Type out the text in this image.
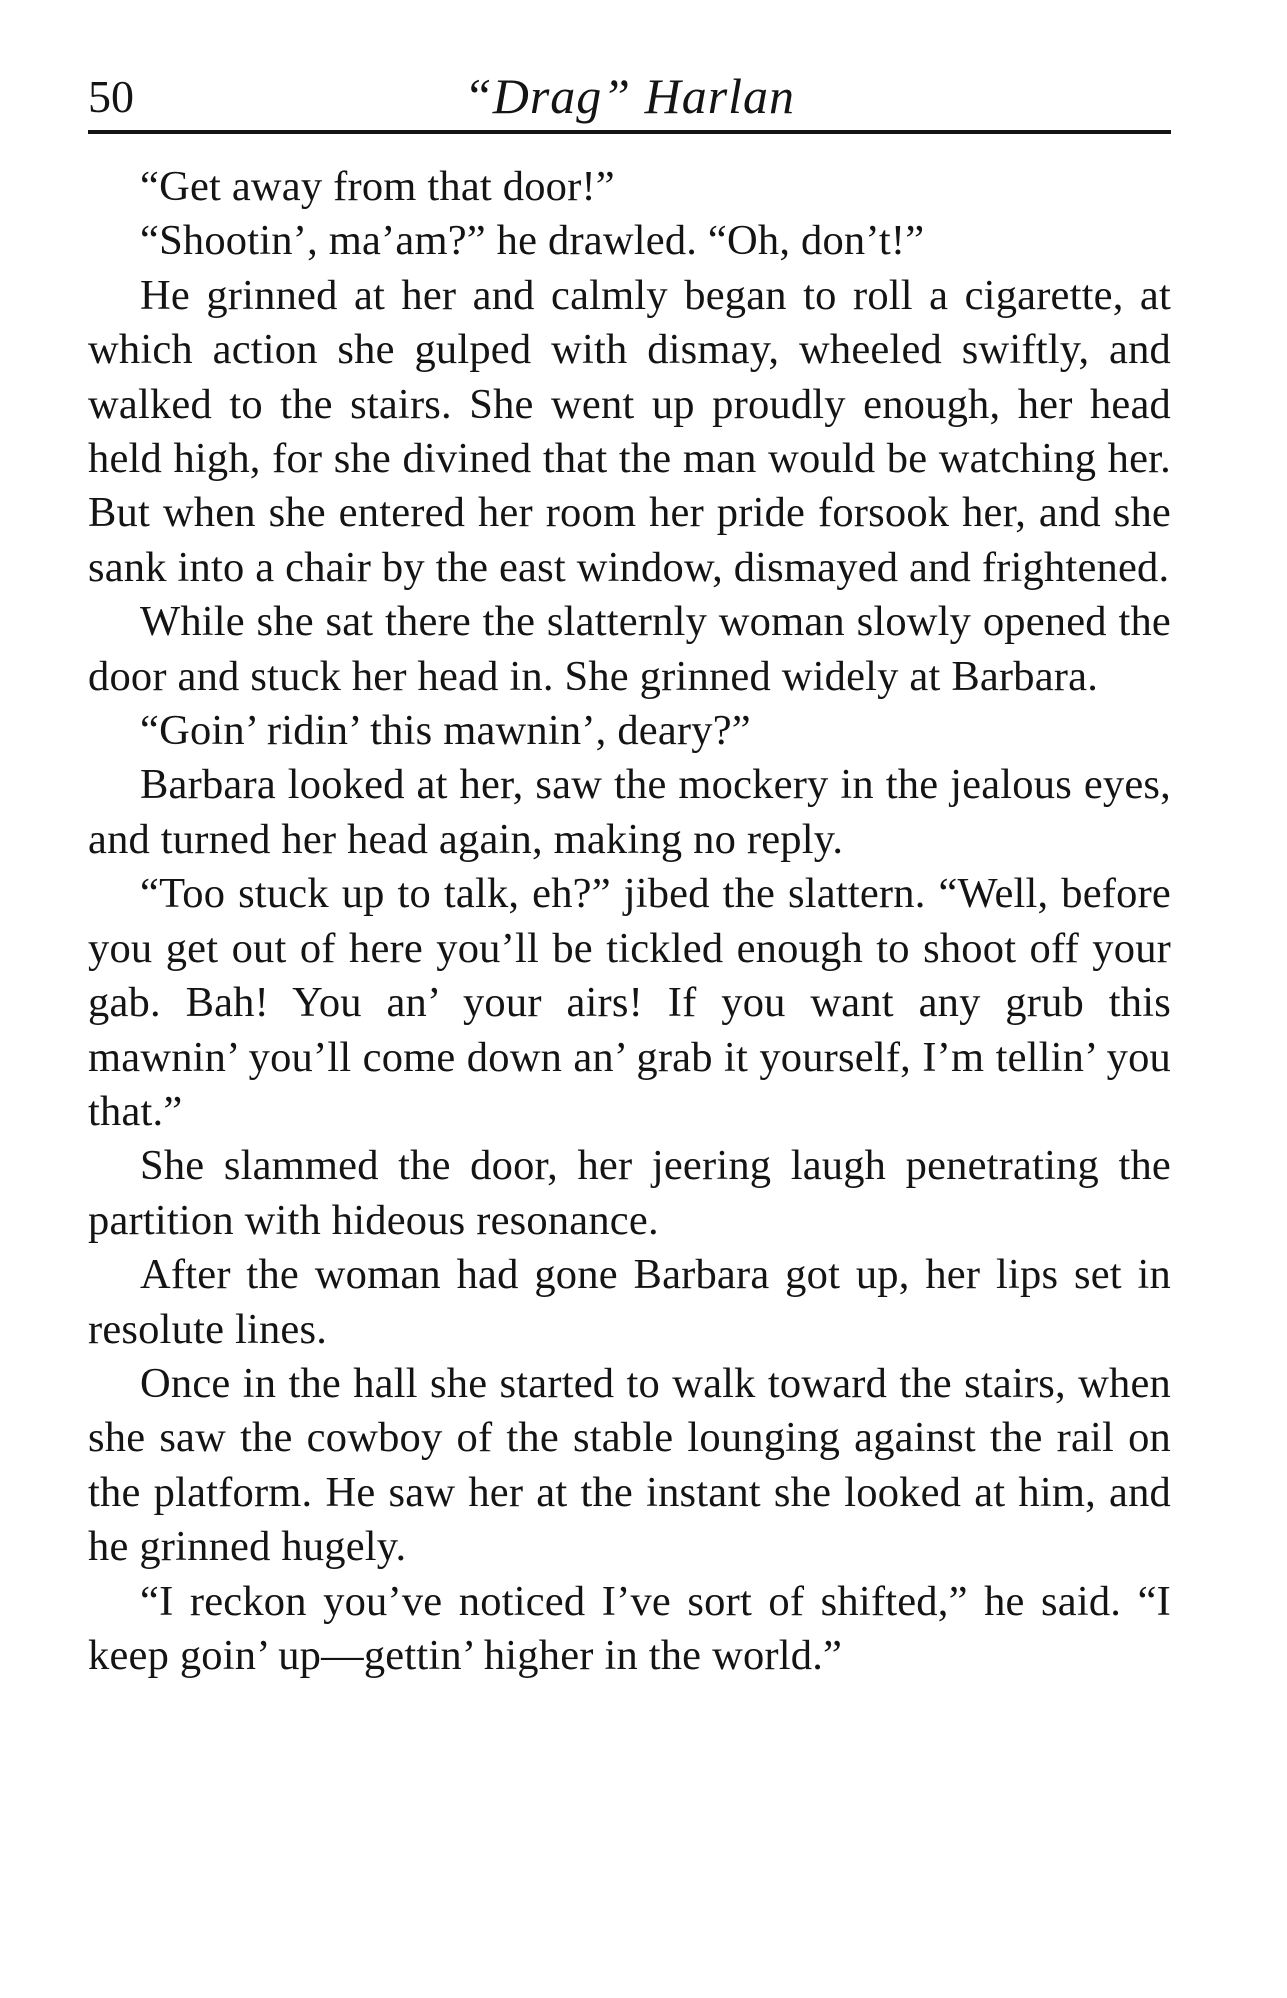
50	“Drag” Harlan

“Get away from that door!”

“Shootin’, ma’am?” he drawled. “Oh, don’t!”

He grinned at her and calmly began to roll a cigarette, at which action she gulped with dismay, wheeled swiftly, and walked to the stairs. She went up proudly enough, her head held high, for she divined that the man would be watching her. But when she entered her room her pride forsook her, and she sank into a chair by the east window, dismayed and frightened.

While she sat there the slatternly woman slowly opened the door and stuck her head in. She grinned widely at Barbara.

“Goin’ ridin’ this mawnin’, deary?”

Barbara looked at her, saw the mockery in the jealous eyes, and turned her head again, making no reply.

“Too stuck up to talk, eh?” jibed the slattern. “Well, before you get out of here you’ll be tickled enough to shoot off your gab. Bah! You an’ your airs! If you want any grub this mawnin’ you’ll come down an’ grab it yourself, I’m tellin’ you that.”

She slammed the door, her jeering laugh penetrating the partition with hideous resonance.

After the woman had gone Barbara got up, her lips set in resolute lines.

Once in the hall she started to walk toward the stairs, when she saw the cowboy of the stable lounging against the rail on the platform. He saw her at the instant she looked at him, and he grinned hugely.

“I reckon you’ve noticed I’ve sort of shifted,” he said. “I keep goin’ up—gettin’ higher in the world.”
